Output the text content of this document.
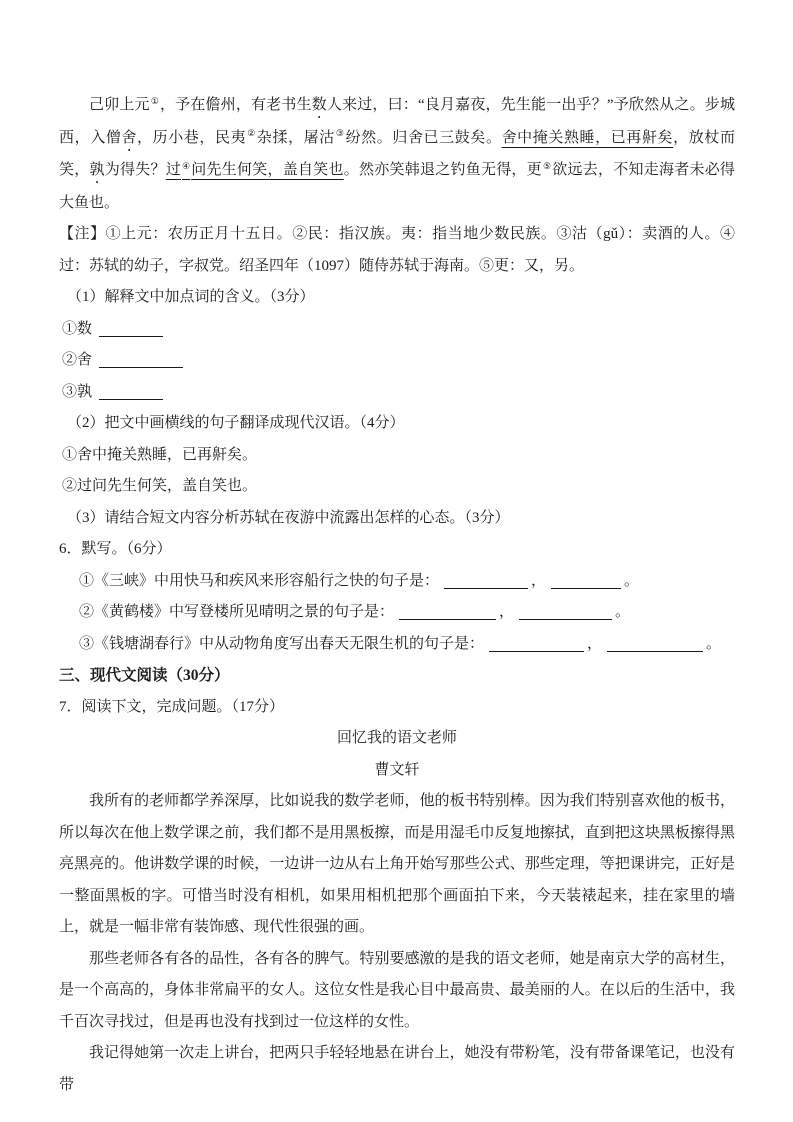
己卯上元①，予在儋州，有老书生数人来过，曰：“良月嘉夜，先生能一出乎？”予欣然从之。步城西，入僧舍，历小巷，民夷②杂揉，屠沽③纷然。归舍已三鼓矣。舍中掩关熟睡，已再鼾矣，放杖而笑，孰为得失？过④问先生何笑，盖自笑也。然亦笑韩退之钓鱼无得，更⑤欲远去，不知走海者未必得大鱼也。
【注】①上元：农历正月十五日。②民：指汉族。夷：指当地少数民族。③沽（gǔ）：卖酒的人。④过：苏轼的幼子，字叔党。绍圣四年（1097）随侍苏轼于海南。⑤更：又，另。
（1）解释文中加点词的含义。（3分）
①数
②舍
③孰
（2）把文中画横线的句子翻译成现代汉语。（4分）
①舍中掩关熟睡，已再鼾矣。
②过问先生何笑，盖自笑也。
（3）请结合短文内容分析苏轼在夜游中流露出怎样的心态。（3分）
6．默写。（6分）
①《三峡》中用快马和疾风来形容船行之快的句子是：	，	。
②《黄鹤楼》中写登楼所见晴明之景的句子是：	，	。
③《钱塘湖春行》中从动物角度写出春天无限生机的句子是：	，	。
三、现代文阅读（30分）
7．阅读下文，完成问题。（17分）
回忆我的语文老师
曹文轩
我所有的老师都学养深厚，比如说我的数学老师，他的板书特别棒。因为我们特别喜欢他的板书，所以每次在他上数学课之前，我们都不是用黑板擦，而是用湿毛巾反复地擦拭，直到把这块黑板擦得黑亮黑亮的。他讲数学课的时候，一边讲一边从右上角开始写那些公式、那些定理，等把课讲完，正好是一整面黑板的字。可惜当时没有相机，如果用相机把那个画面拍下来，今天装裱起来，挂在家里的墙上，就是一幅非常有装饰感、现代性很强的画。
那些老师各有各的品性，各有各的脾气。特别要感激的是我的语文老师，她是南京大学的高材生，是一个高高的，身体非常扁平的女人。这位女性是我心目中最高贵、最美丽的人。在以后的生活中，我千百次寻找过，但是再也没有找到过一位这样的女性。
我记得她第一次走上讲台，把两只手轻轻地悬在讲台上，她没有带粉笔，没有带备课笔记，也没有带
